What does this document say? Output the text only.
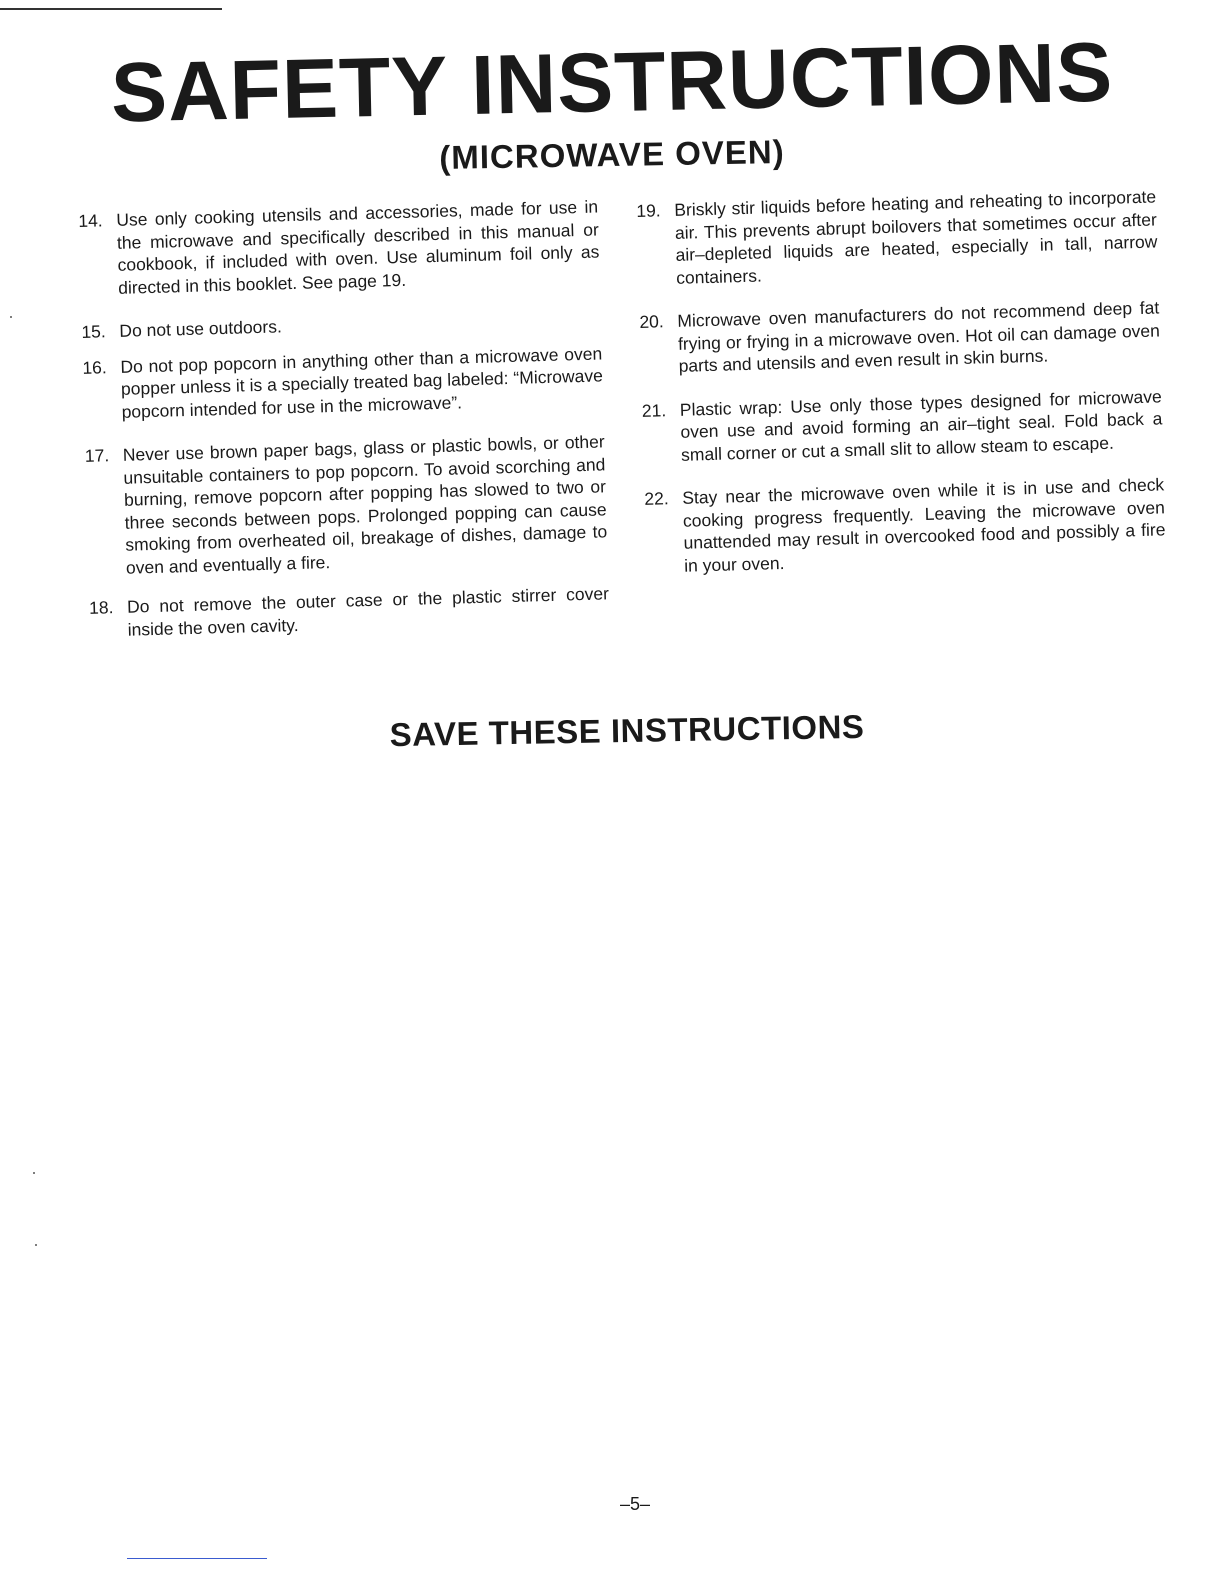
SAFETY INSTRUCTIONS
(MICROWAVE OVEN)
14. Use only cooking utensils and accessories, made for use in the microwave and specifically described in this manual or cookbook, if included with oven. Use aluminum foil only as directed in this booklet. See page 19.
15. Do not use outdoors.
16. Do not pop popcorn in anything other than a microwave oven popper unless it is a specially treated bag labeled: “Microwave popcorn intended for use in the microwave”.
17. Never use brown paper bags, glass or plastic bowls, or other unsuitable containers to pop popcorn. To avoid scorching and burning, remove popcorn after popping has slowed to two or three seconds between pops. Prolonged popping can cause smoking from overheated oil, breakage of dishes, damage to oven and eventually a fire.
18. Do not remove the outer case or the plastic stirrer cover inside the oven cavity.
19. Briskly stir liquids before heating and reheating to incorporate air. This prevents abrupt boilovers that sometimes occur after air–depleted liquids are heated, especially in tall, narrow containers.
20. Microwave oven manufacturers do not recommend deep fat frying or frying in a microwave oven. Hot oil can damage oven parts and utensils and even result in skin burns.
21. Plastic wrap: Use only those types designed for microwave oven use and avoid forming an air–tight seal. Fold back a small corner or cut a small slit to allow steam to escape.
22. Stay near the microwave oven while it is in use and check cooking progress frequently. Leaving the microwave oven unattended may result in overcooked food and possibly a fire in your oven.
SAVE THESE INSTRUCTIONS
–5–
